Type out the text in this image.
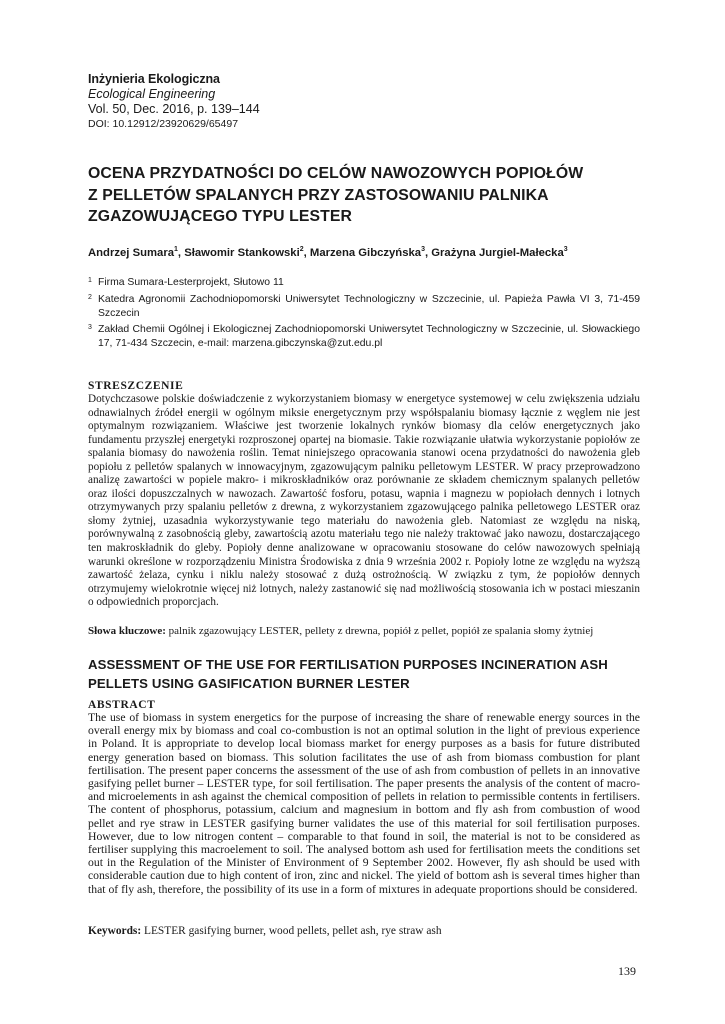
Inżynieria Ekologiczna
Ecological Engineering
Vol. 50, Dec. 2016, p. 139–144
DOI: 10.12912/23920629/65497
OCENA PRZYDATNOŚCI DO CELÓW NAWOZOWYCH POPIOŁÓW
Z PELLETÓW SPALANYCH PRZY ZASTOSOWANIU PALNIKA
ZGAZOWUJĄCEGO TYPU LESTER
Andrzej Sumara$^1$, Sławomir Stankowski$^2$, Marzena Gibczyńska$^3$, Grażyna Jurgiel-Małecka$^3$
1 Firma Sumara-Lesterprojekt, Słutowo 11
2 Katedra Agronomii Zachodniopomorski Uniwersytet Technologiczny w Szczecinie, ul. Papieża Pawła VI 3, 71-459 Szczecin
3 Zakład Chemii Ogólnej i Ekologicznej Zachodniopomorski Uniwersytet Technologiczny w Szczecinie, ul. Słowackiego 17, 71-434 Szczecin, e-mail: marzena.gibczynska@zut.edu.pl
STRESZCZENIE
Dotychczasowe polskie doświadczenie z wykorzystaniem biomasy w energetyce systemowej w celu zwiększenia udziału odnawialnych źródeł energii w ogólnym miksie energetycznym przy współspalaniu biomasy łącznie z węglem nie jest optymalnym rozwiązaniem. Właściwe jest tworzenie lokalnych rynków biomasy dla celów energetycznych jako fundamentu przyszłej energetyki rozproszonej opartej na biomasie. Takie rozwiązanie ułatwia wykorzystanie popiołów ze spalania biomasy do nawożenia roślin. Temat niniejszego opracowania stanowi ocena przydatności do nawożenia gleb popiołu z pelletów spalanych w innowacyjnym, zgazowującym palniku pelletowym LESTER. W pracy przeprowadzono analizę zawartości w popiele makro- i mikroskładników oraz porównanie ze składem chemicznym spalanych pelletów oraz ilości dopuszczalnych w nawozach. Zawartość fosforu, potasu, wapnia i magnezu w popiołach dennych i lotnych otrzymywanych przy spalaniu pelletów z drewna, z wykorzystaniem zgazowującego palnika pelletowego LESTER oraz słomy żytniej, uzasadnia wykorzystywanie tego materiału do nawożenia gleb. Natomiast ze względu na niską, porównywalną z zasobnością gleby, zawartością azotu materiału tego nie należy traktować jako nawozu, dostarczającego ten makroskładnik do gleby. Popioły denne analizowane w opracowaniu stosowane do celów nawozowych spełniają warunki określone w rozporządzeniu Ministra Środowiska z dnia 9 września 2002 r. Popioły lotne ze względu na wyższą zawartość żelaza, cynku i niklu należy stosować z dużą ostrożnością. W związku z tym, że popiołów dennych otrzymujemy wielokrotnie więcej niż lotnych, należy zastanowić się nad możliwością stosowania ich w postaci mieszanin o odpowiednich proporcjach.
Słowa kluczowe: palnik zgazowujący LESTER, pellety z drewna, popiół z pellet, popiół ze spalania słomy żytniej
ASSESSMENT OF THE USE FOR FERTILISATION PURPOSES INCINERATION ASH
PELLETS USING GASIFICATION BURNER LESTER
ABSTRACT
The use of biomass in system energetics for the purpose of increasing the share of renewable energy sources in the overall energy mix by biomass and coal co-combustion is not an optimal solution in the light of previous experience in Poland. It is appropriate to develop local biomass market for energy purposes as a basis for future distributed energy generation based on biomass. This solution facilitates the use of ash from biomass combustion for plant fertilisation. The present paper concerns the assessment of the use of ash from combustion of pellets in an innovative gasifying pellet burner – LESTER type, for soil fertilisation. The paper presents the analysis of the content of macro- and microelements in ash against the chemical composition of pellets in relation to permissible contents in fertilisers. The content of phosphorus, potassium, calcium and magnesium in bottom and fly ash from combustion of wood pellet and rye straw in LESTER gasifying burner validates the use of this material for soil fertilisation purposes. However, due to low nitrogen content – comparable to that found in soil, the material is not to be considered as fertiliser supplying this macroelement to soil. The analysed bottom ash used for fertilisation meets the conditions set out in the Regulation of the Minister of Environment of 9 September 2002. However, fly ash should be used with considerable caution due to high content of iron, zinc and nickel. The yield of bottom ash is several times higher than that of fly ash, therefore, the possibility of its use in a form of mixtures in adequate proportions should be considered.
Keywords: LESTER gasifying burner, wood pellets, pellet ash, rye straw ash
139
